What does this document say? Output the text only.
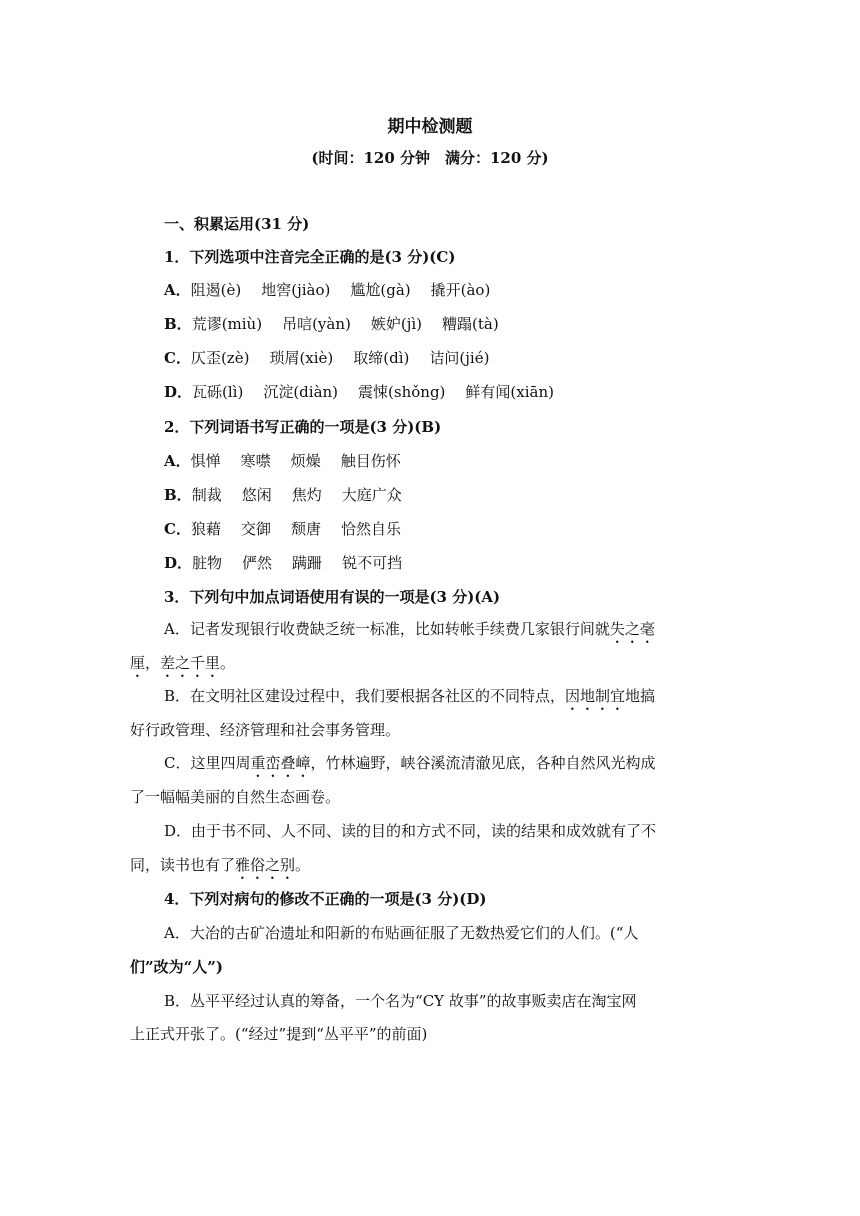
期中检测题
(时间：120 分钟　满分：120 分)
一、积累运用(31 分)
1．下列选项中注音完全正确的是(3 分)(C)
A．阻遏(è) 地窖(jiào) 尴尬(gà) 撬开(ào)
B．荒谬(miù) 吊唁(yàn) 嫉妒(jì) 糟蹋(tà)
C．仄歪(zè) 琐屑(xiè) 取缔(dì) 诘问(jié)
D．瓦砾(lì) 沉淀(diàn) 震悚(shǒng) 鲜有闻(xiān)
2．下列词语书写正确的一项是(3 分)(B)
A．惧惮 寒噤 烦燥 触目伤怀
B．制裁 悠闲 焦灼 大庭广众
C．狼藉 交御 颓唐 恰然自乐
D．脏物 俨然 蹒跚 锐不可挡
3．下列句中加点词语使用有误的一项是(3 分)(A)
A．记者发现银行收费缺乏统一标准，比如转帐手续费几家银行间就失之毫
厘，差之千里。
B．在文明社区建设过程中，我们要根据各社区的不同特点，因地制宜地搞
好行政管理、经济管理和社会事务管理。
C．这里四周重峦叠嶂，竹林遍野，峡谷溪流清澈见底，各种自然风光构成
了一幅幅美丽的自然生态画卷。
D．由于书不同、人不同、读的目的和方式不同，读的结果和成效就有了不
同，读书也有了雅俗之别。
4．下列对病句的修改不正确的一项是(3 分)(D)
A．大冶的古矿冶遗址和阳新的布贴画征服了无数热爱它们的人们。(“人
们”改为“人”)
B．丛平平经过认真的筹备，一个名为“CY 故事”的故事贩卖店在淘宝网
上正式开张了。(“经过”提到“丛平平”的前面)
